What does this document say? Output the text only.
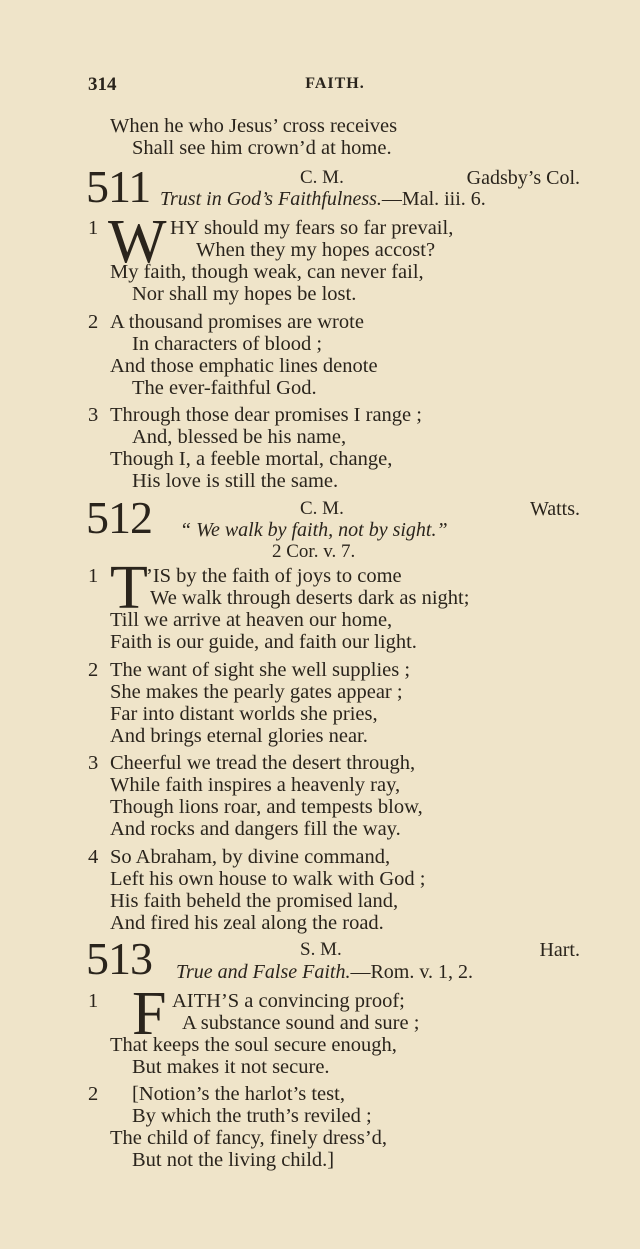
314	FAITH.
When he who Jesus’ cross receives
Shall see him crown’d at home.
511	C. M.	Gadsby’s Col.
Trust in God’s Faithfulness.—Mal. iii. 6.
1 W HY should my fears so far prevail,
When they my hopes accost?
My faith, though weak, can never fail,
Nor shall my hopes be lost.
2 A thousand promises are wrote
In characters of blood ;
And those emphatic lines denote
The ever-faithful God.
3 Through those dear promises I range ;
And, blessed be his name,
Though I, a feeble mortal, change,
His love is still the same.
512	C. M.	Watts.
“ We walk by faith, not by sight.”
2 Cor. v. 7.
1 T
’IS by the faith of joys to come
We walk through deserts dark as night;
Till we arrive at heaven our home,
Faith is our guide, and faith our light.
2 The want of sight she well supplies ;
She makes the pearly gates appear ;
Far into distant worlds she pries,
And brings eternal glories near.
3 Cheerful we tread the desert through,
While faith inspires a heavenly ray,
Though lions roar, and tempests blow,
And rocks and dangers fill the way.
4 So Abraham, by divine command,
Left his own house to walk with God ;
His faith beheld the promised land,
And fired his zeal along the road.
513	S. M.	Hart.
True and False Faith.—Rom. v. 1, 2.
1 F AITH’S a convincing proof;
A substance sound and sure ;
That keeps the soul secure enough,
But makes it not secure.
2 [Notion’s the harlot’s test,
By which the truth’s reviled ;
The child of fancy, finely dress’d,
But not the living child.]
